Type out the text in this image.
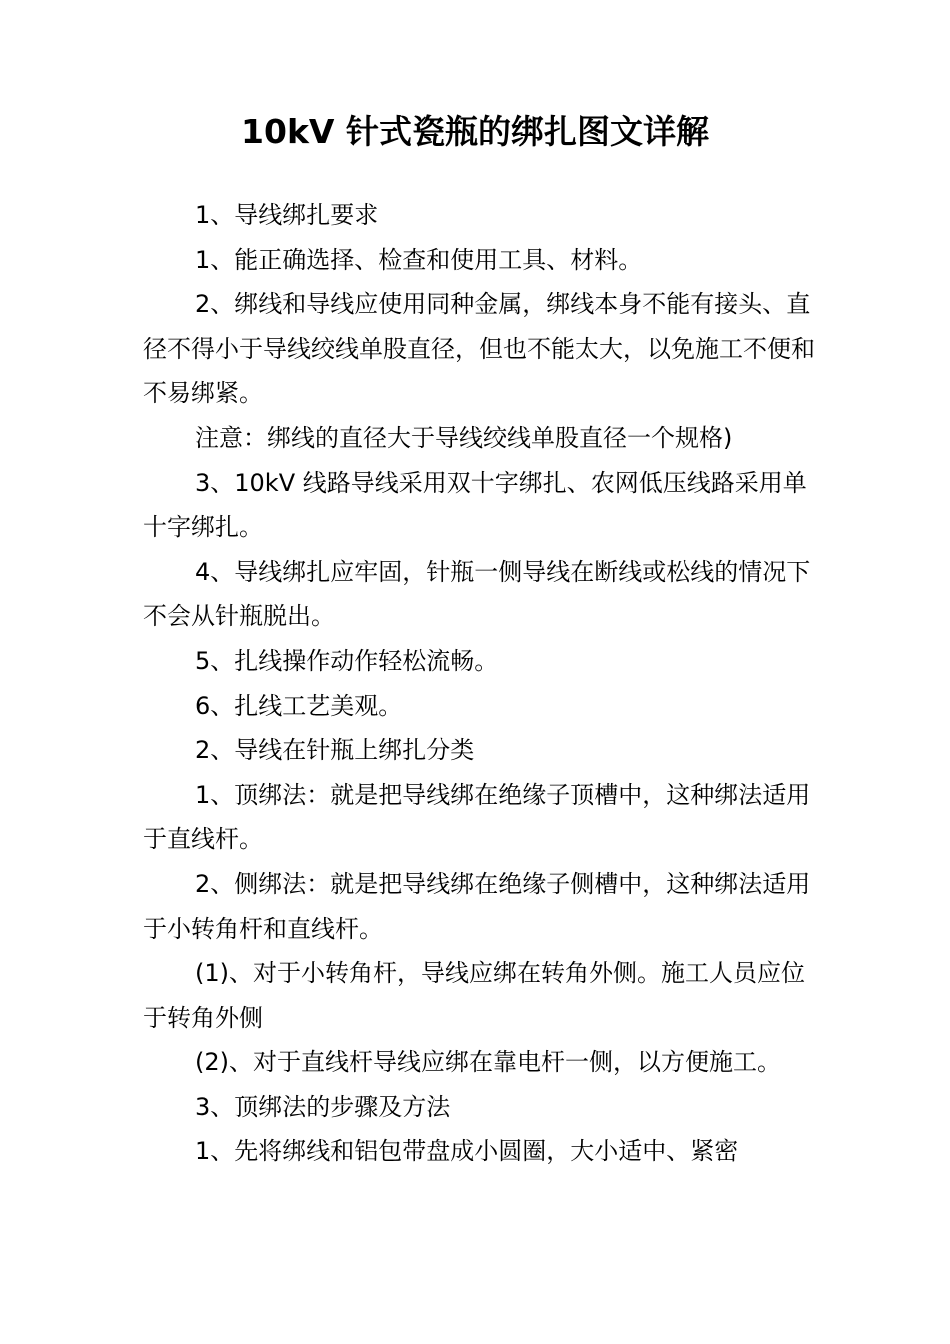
10kV 针式瓷瓶的绑扎图文详解

1、导线绑扎要求

1、能正确选择、检查和使用工具、材料。

2、绑线和导线应使用同种金属，绑线本身不能有接头、直径不得小于导线绞线单股直径，但也不能太大，以免施工不便和不易绑紧。

注意：绑线的直径大于导线绞线单股直径一个规格)

3、10kV 线路导线采用双十字绑扎、农网低压线路采用单十字绑扎。

4、导线绑扎应牢固，针瓶一侧导线在断线或松线的情况下不会从针瓶脱出。

5、扎线操作动作轻松流畅。

6、扎线工艺美观。

2、导线在针瓶上绑扎分类

1、顶绑法：就是把导线绑在绝缘子顶槽中，这种绑法适用于直线杆。

2、侧绑法：就是把导线绑在绝缘子侧槽中，这种绑法适用于小转角杆和直线杆。

(1)、对于小转角杆，导线应绑在转角外侧。施工人员应位于转角外侧

(2)、对于直线杆导线应绑在靠电杆一侧，以方便施工。

3、顶绑法的步骤及方法

1、先将绑线和铝包带盘成小圆圈，大小适中、紧密
